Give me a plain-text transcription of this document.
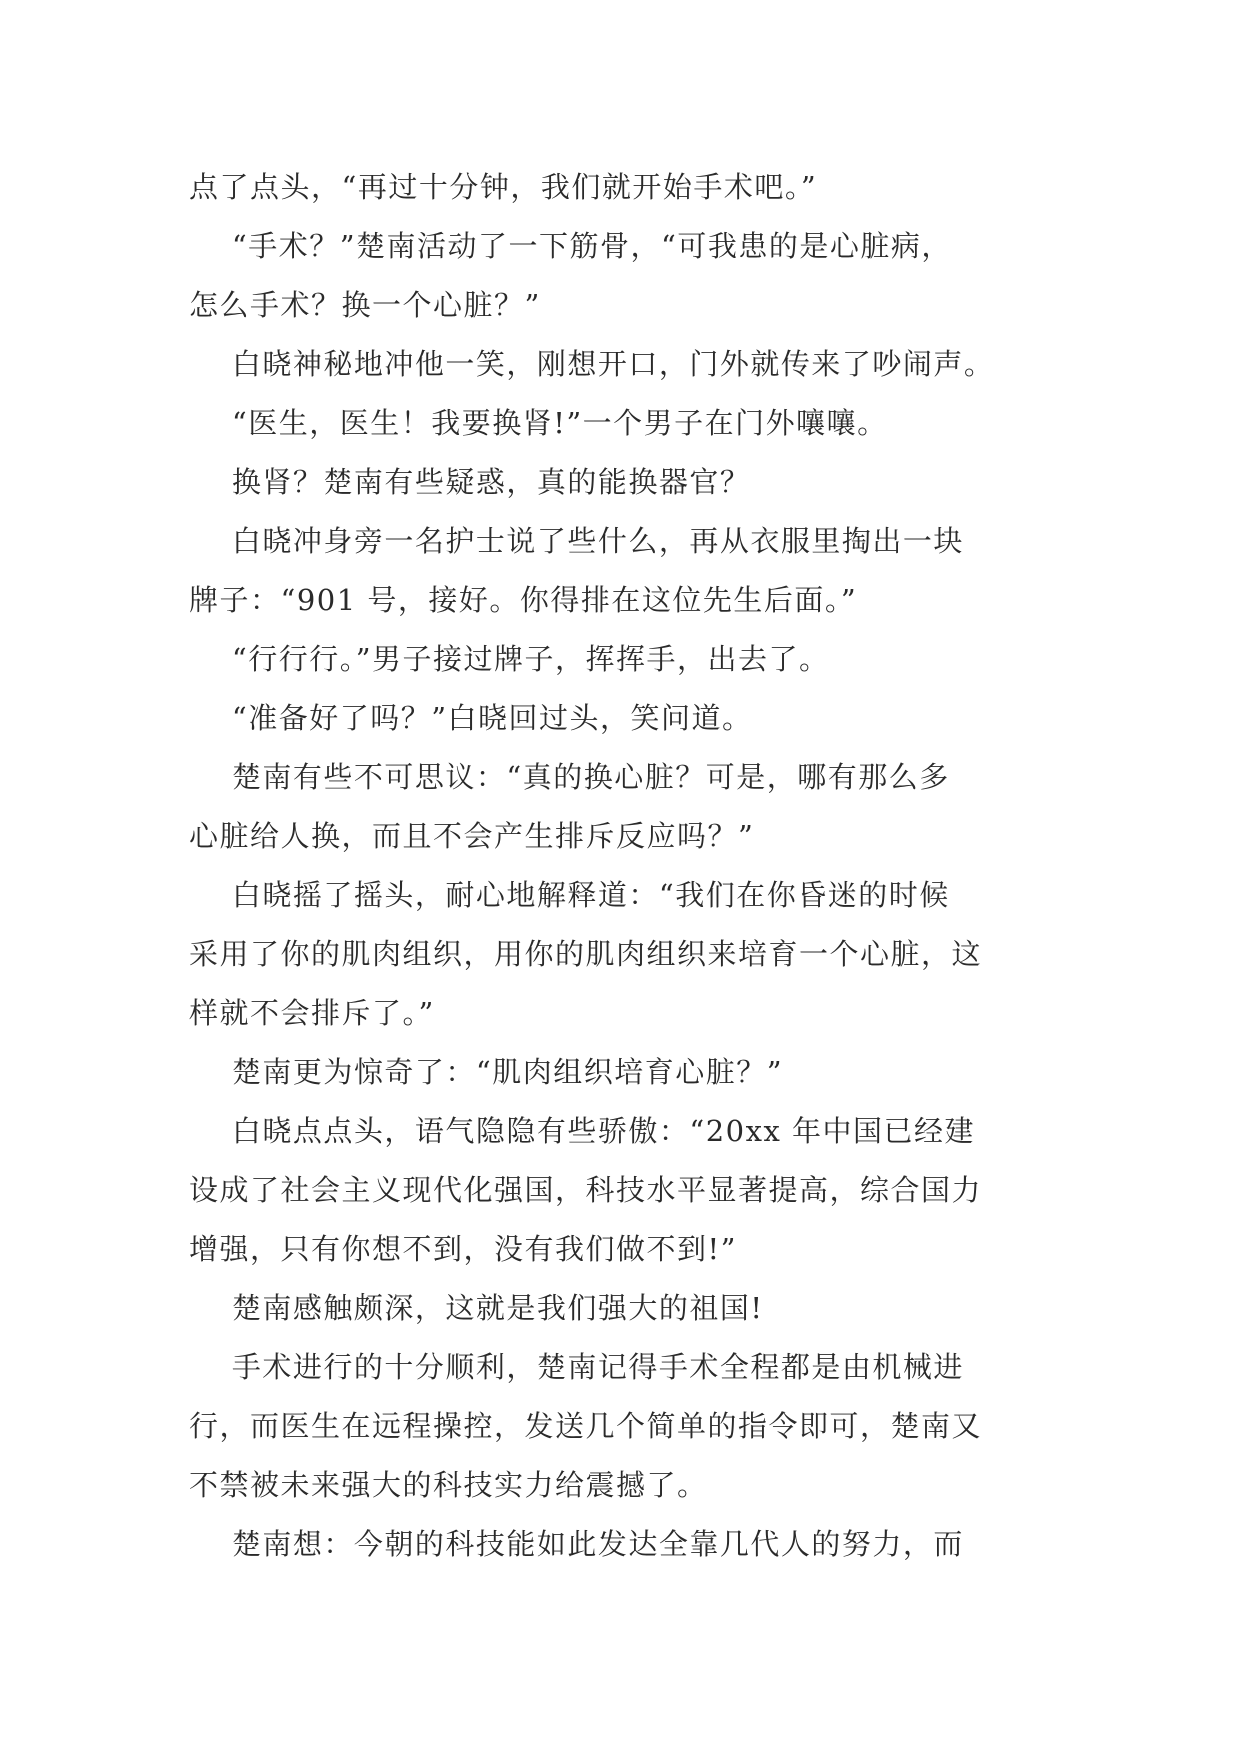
点了点头，“再过十分钟，我们就开始手术吧。”

“手术？”楚南活动了一下筋骨，“可我患的是心脏病，

怎么手术？换一个心脏？”

白晓神秘地冲他一笑，刚想开口，门外就传来了吵闹声。

“医生，医生！我要换肾!”一个男子在门外嚷嚷。

换肾？楚南有些疑惑，真的能换器官？

白晓冲身旁一名护士说了些什么，再从衣服里掏出一块

牌子：“901 号，接好。你得排在这位先生后面。”

“行行行。”男子接过牌子，挥挥手，出去了。

“准备好了吗？”白晓回过头，笑问道。

楚南有些不可思议：“真的换心脏？可是，哪有那么多

心脏给人换，而且不会产生排斥反应吗？”

白晓摇了摇头，耐心地解释道：“我们在你昏迷的时候

采用了你的肌肉组织，用你的肌肉组织来培育一个心脏，这

样就不会排斥了。”

楚南更为惊奇了：“肌肉组织培育心脏？”

白晓点点头，语气隐隐有些骄傲：“20xx 年中国已经建

设成了社会主义现代化强国，科技水平显著提高，综合国力

增强，只有你想不到，没有我们做不到!”

楚南感触颇深，这就是我们强大的祖国!

手术进行的十分顺利，楚南记得手术全程都是由机械进

行，而医生在远程操控，发送几个简单的指令即可，楚南又

不禁被未来强大的科技实力给震撼了。

楚南想：今朝的科技能如此发达全靠几代人的努力，而
